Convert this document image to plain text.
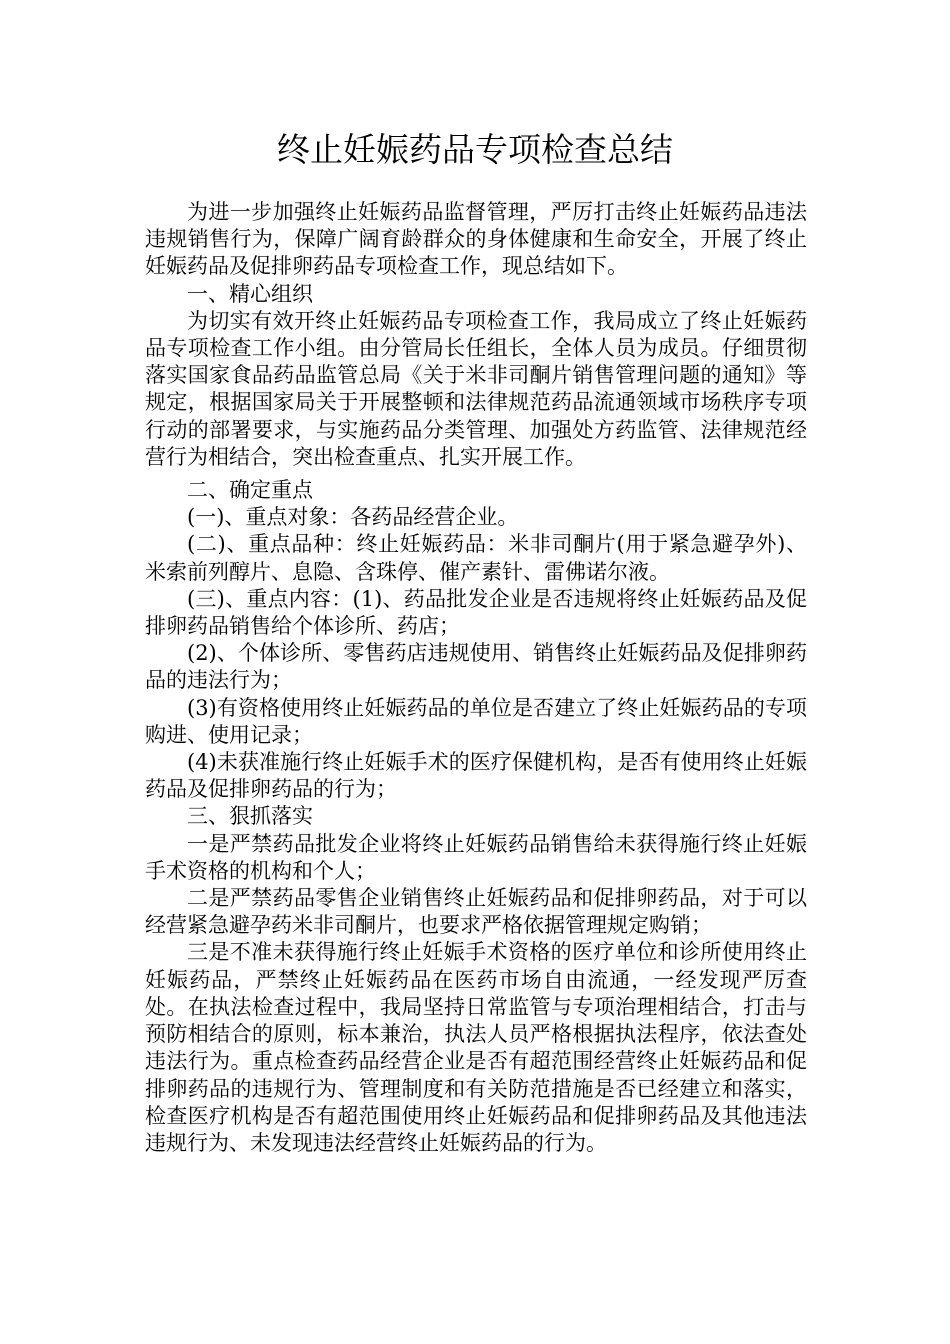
终止妊娠药品专项检查总结

为进一步加强终止妊娠药品监督管理，严厉打击终止妊娠药品违法违规销售行为，保障广阔育龄群众的身体健康和生命安全，开展了终止妊娠药品及促排卵药品专项检查工作，现总结如下。

一、精心组织

为切实有效开终止妊娠药品专项检查工作，我局成立了终止妊娠药品专项检查工作小组。由分管局长任组长，全体人员为成员。仔细贯彻落实国家食品药品监管总局《关于米非司酮片销售管理问题的通知》等规定，根据国家局关于开展整顿和法律规范药品流通领域市场秩序专项行动的部署要求，与实施药品分类管理、加强处方药监管、法律规范经营行为相结合，突出检查重点、扎实开展工作。

二、确定重点

(一)、重点对象：各药品经营企业。

(二)、重点品种：终止妊娠药品：米非司酮片(用于紧急避孕外)、米索前列醇片、息隐、含珠停、催产素针、雷佛诺尔液。

(三)、重点内容：(1)、药品批发企业是否违规将终止妊娠药品及促排卵药品销售给个体诊所、药店；

(2)、个体诊所、零售药店违规使用、销售终止妊娠药品及促排卵药品的违法行为；

(3)有资格使用终止妊娠药品的单位是否建立了终止妊娠药品的专项购进、使用记录；

(4)未获准施行终止妊娠手术的医疗保健机构，是否有使用终止妊娠药品及促排卵药品的行为；

三、狠抓落实

一是严禁药品批发企业将终止妊娠药品销售给未获得施行终止妊娠手术资格的机构和个人；

二是严禁药品零售企业销售终止妊娠药品和促排卵药品，对于可以经营紧急避孕药米非司酮片，也要求严格依据管理规定购销；

三是不准未获得施行终止妊娠手术资格的医疗单位和诊所使用终止妊娠药品，严禁终止妊娠药品在医药市场自由流通，一经发现严厉查处。在执法检查过程中，我局坚持日常监管与专项治理相结合，打击与预防相结合的原则，标本兼治，执法人员严格根据执法程序，依法查处违法行为。重点检查药品经营企业是否有超范围经营终止妊娠药品和促排卵药品的违规行为、管理制度和有关防范措施是否已经建立和落实，检查医疗机构是否有超范围使用终止妊娠药品和促排卵药品及其他违法违规行为、未发现违法经营终止妊娠药品的行为。
